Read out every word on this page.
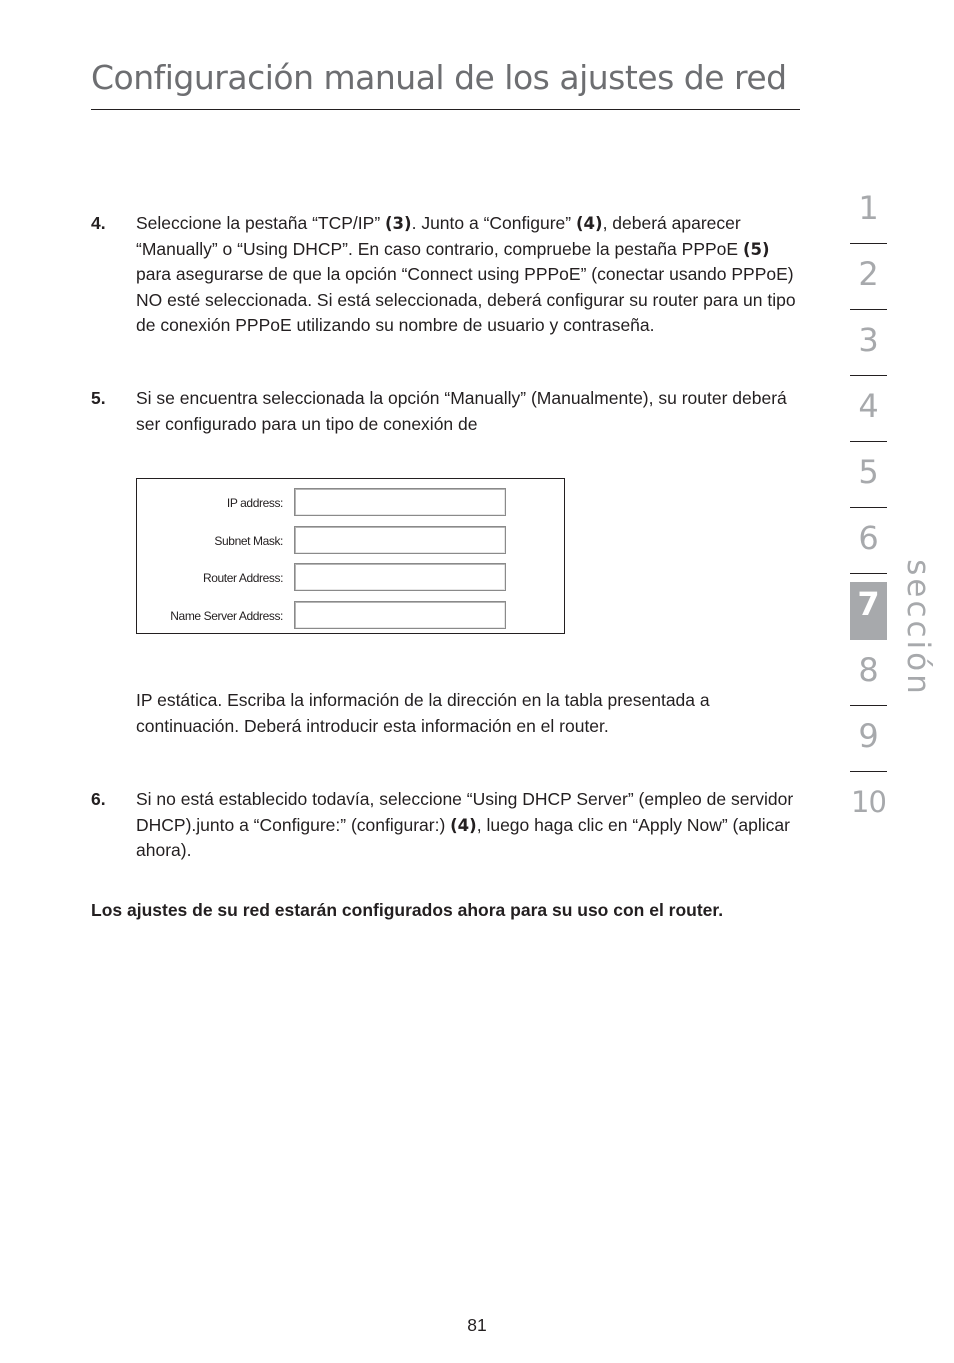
Configuración manual de los ajustes de red
4. Seleccione la pestaña “TCP/IP” (3). Junto a “Configure” (4), deberá aparecer “Manually” o “Using DHCP”. En caso contrario, compruebe la pestaña PPPoE (5) para asegurarse de que la opción “Connect using PPPoE” (conectar usando PPPoE) NO esté seleccionada. Si está seleccionada, deberá configurar su router para un tipo de conexión PPPoE utilizando su nombre de usuario y contraseña.
5. Si se encuentra seleccionada la opción “Manually” (Manualmente), su router deberá ser configurado para un tipo de conexión de
IP address:
Subnet Mask:
Router Address:
Name Server Address:
IP estática. Escriba la información de la dirección en la tabla presentada a continuación. Deberá introducir esta información en el router.
6. Si no está establecido todavía, seleccione “Using DHCP Server” (empleo de servidor DHCP).junto a “Configure:” (configurar:) (4), luego haga clic en “Apply Now” (aplicar ahora).
Los ajustes de su red estarán configurados ahora para su uso con el router.
81
1
2
3
4
5
6
7
8
9
10
sección
